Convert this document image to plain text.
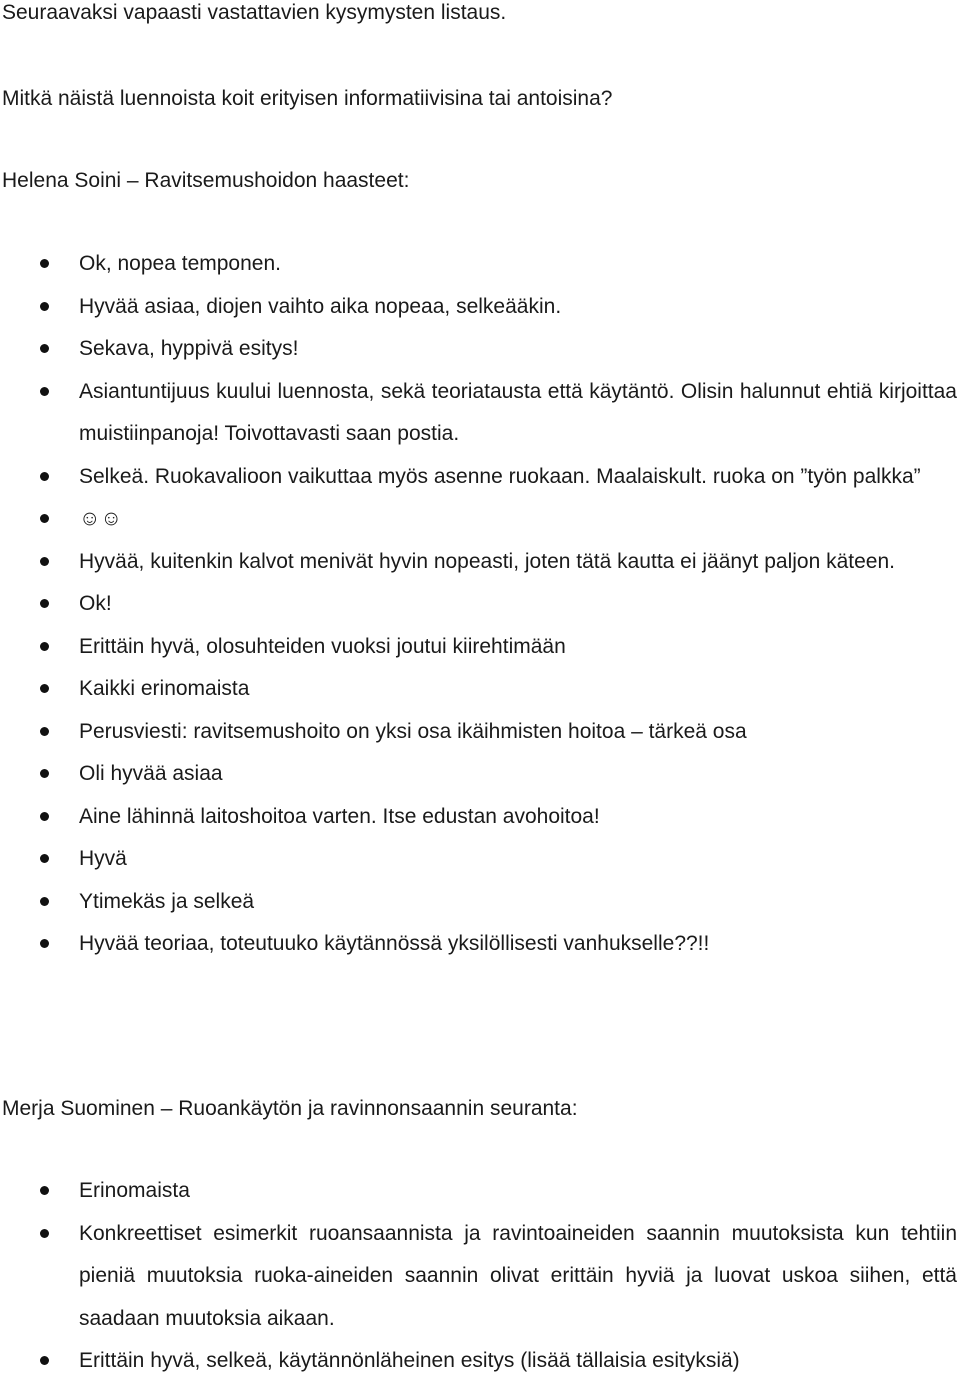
Seuraavaksi vapaasti vastattavien kysymysten listaus.

Mitkä näistä luennoista koit erityisen informatiivisina tai antoisina?

Helena Soini – Ravitsemushoidon haasteet:

Ok, nopea temponen.
Hyvää asiaa, diojen vaihto aika nopeaa, selkeääkin.
Sekava, hyppivä esitys!
Asiantuntijuus kuului luennosta, sekä teoriatausta että käytäntö. Olisin halunnut ehtiä kirjoittaa muistiinpanoja! Toivottavasti saan postia.
Selkeä. Ruokavalioon vaikuttaa myös asenne ruokaan. Maalaiskult. ruoka on ”työn palkka”
☺☺
Hyvää, kuitenkin kalvot menivät hyvin nopeasti, joten tätä kautta ei jäänyt paljon käteen.
Ok!
Erittäin hyvä, olosuhteiden vuoksi joutui kiirehtimään
Kaikki erinomaista
Perusviesti: ravitsemushoito on yksi osa ikäihmisten hoitoa – tärkeä osa
Oli hyvää asiaa
Aine lähinnä laitoshoitoa varten. Itse edustan avohoitoa!
Hyvä
Ytimekäs ja selkeä
Hyvää teoriaa, toteutuuko käytännössä yksilöllisesti vanhukselle??!!

Merja Suominen – Ruoankäytön ja ravinnonsaannin seuranta:

Erinomaista
Konkreettiset esimerkit ruoansaannista ja ravintoaineiden saannin muutoksista kun tehtiin pieniä muutoksia ruoka-aineiden saannin olivat erittäin hyviä ja luovat uskoa siihen, että saadaan muutoksia aikaan.
Erittäin hyvä, selkeä, käytännönläheinen esitys (lisää tällaisia esityksiä)
